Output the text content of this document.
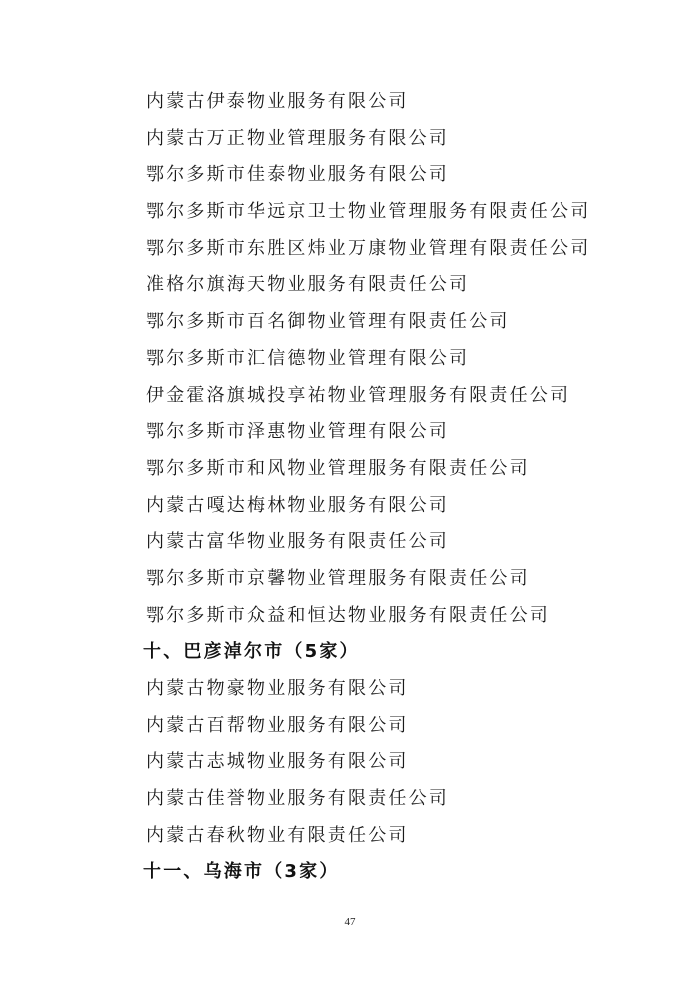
内蒙古伊泰物业服务有限公司
内蒙古万正物业管理服务有限公司
鄂尔多斯市佳泰物业服务有限公司
鄂尔多斯市华远京卫士物业管理服务有限责任公司
鄂尔多斯市东胜区炜业万康物业管理有限责任公司
准格尔旗海天物业服务有限责任公司
鄂尔多斯市百名御物业管理有限责任公司
鄂尔多斯市汇信德物业管理有限公司
伊金霍洛旗城投享祐物业管理服务有限责任公司
鄂尔多斯市泽惠物业管理有限公司
鄂尔多斯市和风物业管理服务有限责任公司
内蒙古嘎达梅林物业服务有限公司
内蒙古富华物业服务有限责任公司
鄂尔多斯市京馨物业管理服务有限责任公司
鄂尔多斯市众益和恒达物业服务有限责任公司
十、巴彦淖尔市（5家）
内蒙古物豪物业服务有限公司
内蒙古百帮物业服务有限公司
内蒙古志城物业服务有限公司
内蒙古佳誉物业服务有限责任公司
内蒙古春秋物业有限责任公司
十一、乌海市（3家）
47
